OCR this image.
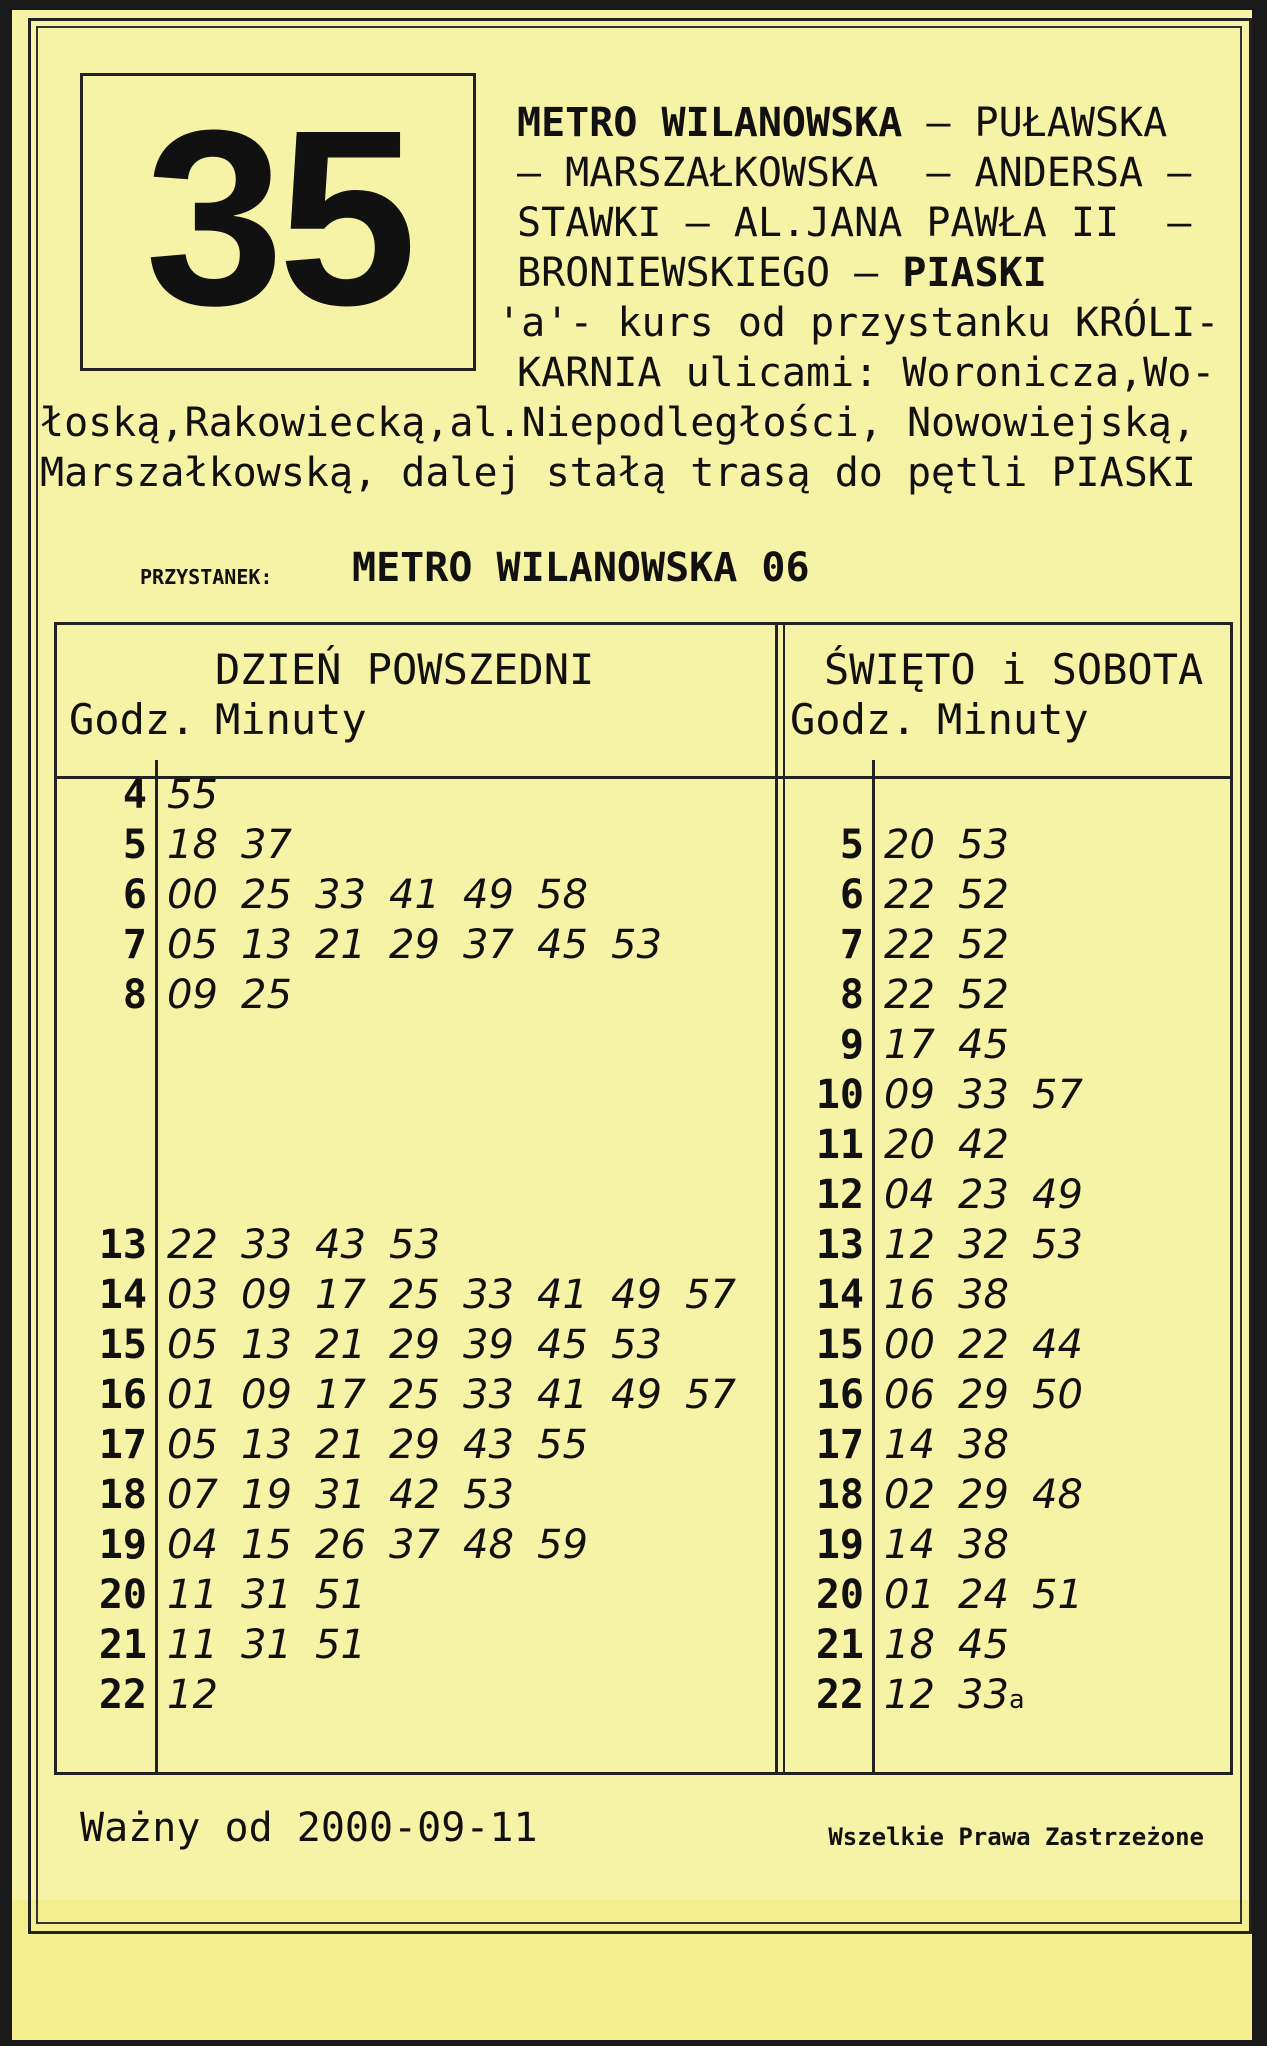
35	METRO WILANOWSKA – PUŁAWSKA
– MARSZAŁKOWSKA  – ANDERSA –
STAWKI – AL.JANA PAWŁA II  –
BRONIEWSKIEGO – PIASKI
'a'- kurs od przystanku KRÓLI-
KARNIA ulicami: Woronicza,Wo-
łoską,Rakowiecką,al.Niepodległości, Nowowiejską,
Marszałkowską, dalej stałą trasą do pętli PIASKI
PRZYSTANEK: METRO WILANOWSKA 06
DZIEŃ POWSZEDNI
Godz. Minuty
ŚWIĘTO i SOBOTA
Godz. Minuty
4 55
5 18 37
6 00 25 33 41 49 58
7 05 13 21 29 37 45 53
8 09 25
13 22 33 43 53
14 03 09 17 25 33 41 49 57
15 05 13 21 29 39 45 53
16 01 09 17 25 33 41 49 57
17 05 13 21 29 43 55
18 07 19 31 42 53
19 04 15 26 37 48 59
20 11 31 51
21 11 31 51
22 12
5 20 53
6 22 52
7 22 52
8 22 52
9 17 45
10 09 33 57
11 20 42
12 04 23 49
13 12 32 53
14 16 38
15 00 22 44
16 06 29 50
17 14 38
18 02 29 48
19 14 38
20 01 24 51
21 18 45
22 12 33a
Ważny od 2000-09-11	Wszelkie Prawa Zastrzeżone
